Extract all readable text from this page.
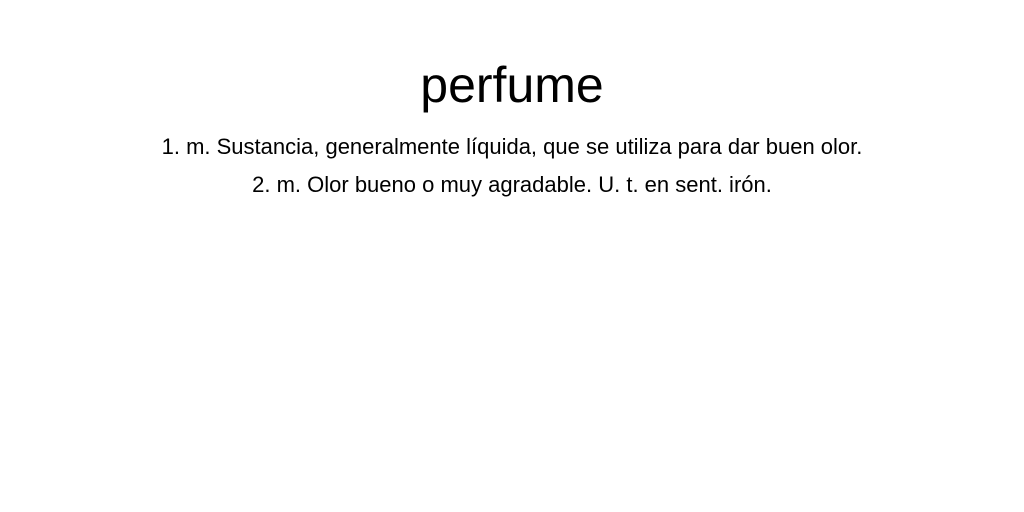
perfume
1. m. Sustancia, generalmente líquida, que se utiliza para dar buen olor.
2. m. Olor bueno o muy agradable. U. t. en sent. irón.
